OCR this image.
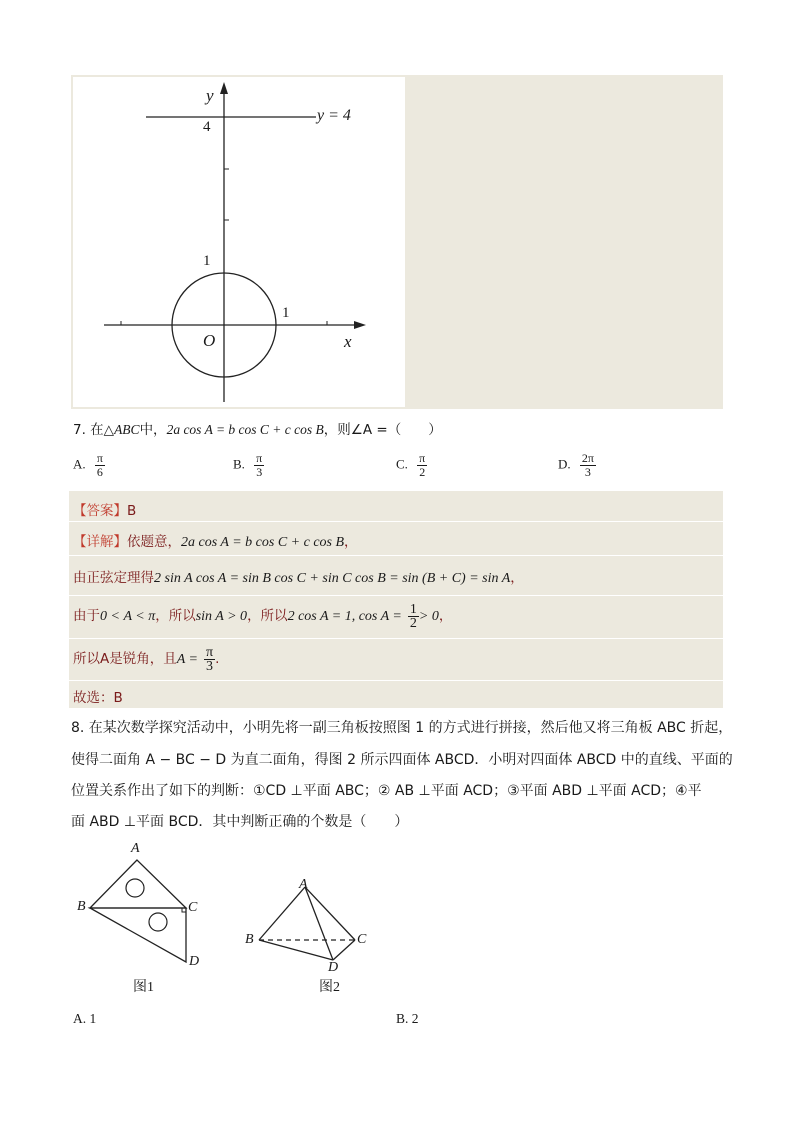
y
x
y = 4
4
1
1
O
7. 在△ABC中，2a cos A = b cos C + c cos B，则∠A =（　　）
A. $\frac{\pi}{6}$	B. $\frac{\pi}{3}$	C. $\frac{\pi}{2}$	D. $\frac{2\pi}{3}$
【答案】B
【详解】依题意，2a cos A = b cos C + c cos B，
由正弦定理得2 sin A cos A = sin B cos C + sin C cos B = sin (B + C) = sin A，
由于0 < A < π，所以sin A > 0，所以2 cos A = 1, $\cos A = \frac{1}{2} > 0$，
所以A是锐角，且$A = \frac{\pi}{3}$ .
故选：B
8. 在某次数学探究活动中，小明先将一副三角板按照图 1 的方式进行拼接，然后他又将三角板 ABC 折起，
使得二面角 A − BC − D 为直二面角，得图 2 所示四面体 ABCD．小明对四面体 ABCD 中的直线、平面的
位置关系作出了如下的判断：①CD ⊥平面 ABC；② AB ⊥平面 ACD；③平面 ABD ⊥平面 ACD；④平
面 ABD ⊥平面 BCD．其中判断正确的个数是（　　）
A
B	C
D
图1
A
B	C
D
图2
A. 1	B. 2
